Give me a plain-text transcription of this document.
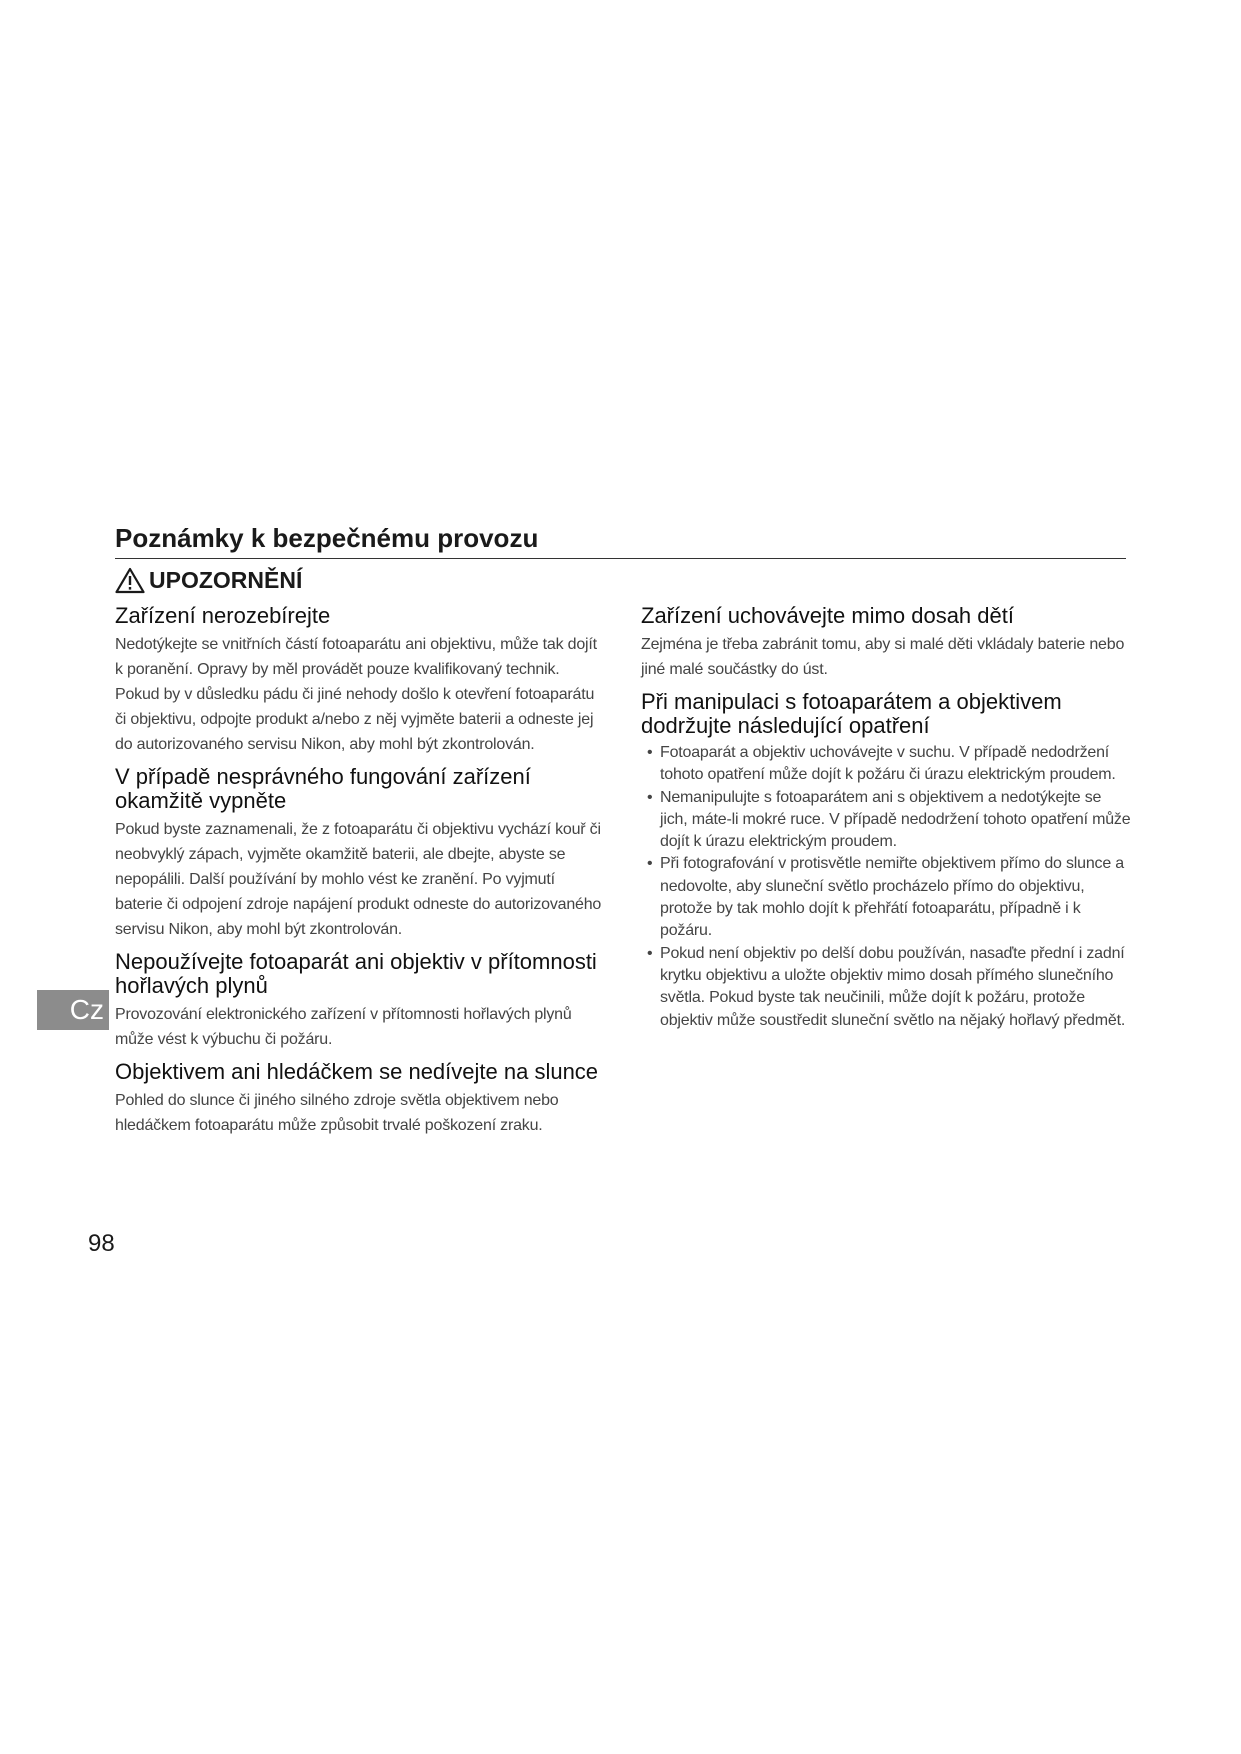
Poznámky k bezpečnému provozu
UPOZORNĚNÍ
Zařízení nerozebírejte

Nedotýkejte se vnitřních částí fotoaparátu ani objektivu, může tak dojít k poranění. Opravy by měl provádět pouze kvalifikovaný technik. Pokud by v důsledku pádu či jiné nehody došlo k otevření fotoaparátu či objektivu, odpojte produkt a/nebo z něj vyjměte baterii a odneste jej do autorizovaného servisu Nikon, aby mohl být zkontrolován.

V případě nesprávného fungování zařízení okamžitě vypněte

Pokud byste zaznamenali, že z fotoaparátu či objektivu vychází kouř či neobvyklý zápach, vyjměte okamžitě baterii, ale dbejte, abyste se nepopálili. Další používání by mohlo vést ke zranění. Po vyjmutí baterie či odpojení zdroje napájení produkt odneste do autorizovaného servisu Nikon, aby mohl být zkontrolován.

Nepoužívejte fotoaparát ani objektiv v přítomnosti hořlavých plynů

Provozování elektronického zařízení v přítomnosti hořlavých plynů může vést k výbuchu či požáru.

Objektivem ani hledáčkem se nedívejte na slunce

Pohled do slunce či jiného silného zdroje světla objektivem nebo hledáčkem fotoaparátu může způsobit trvalé poškození zraku.

Zařízení uchovávejte mimo dosah dětí

Zejména je třeba zabránit tomu, aby si malé děti vkládaly baterie nebo jiné malé součástky do úst.

Při manipulaci s fotoaparátem a objektivem dodržujte následující opatření
• Fotoaparát a objektiv uchovávejte v suchu. V případě nedodržení tohoto opatření může dojít k požáru či úrazu elektrickým proudem.
• Nemanipulujte s fotoaparátem ani s objektivem a nedotýkejte se jich, máte-li mokré ruce. V případě nedodržení tohoto opatření může dojít k úrazu elektrickým proudem.
• Při fotografování v protisvětle nemiřte objektivem přímo do slunce a nedovolte, aby sluneční světlo procházelo přímo do objektivu, protože by tak mohlo dojít k přehřátí fotoaparátu, případně i k požáru.
• Pokud není objektiv po delší dobu používán, nasaďte přední i zadní krytku objektivu a uložte objektiv mimo dosah přímého slunečního světla. Pokud byste tak neučinili, může dojít k požáru, protože objektiv může soustředit sluneční světlo na nějaký hořlavý předmět.
Cz
98
